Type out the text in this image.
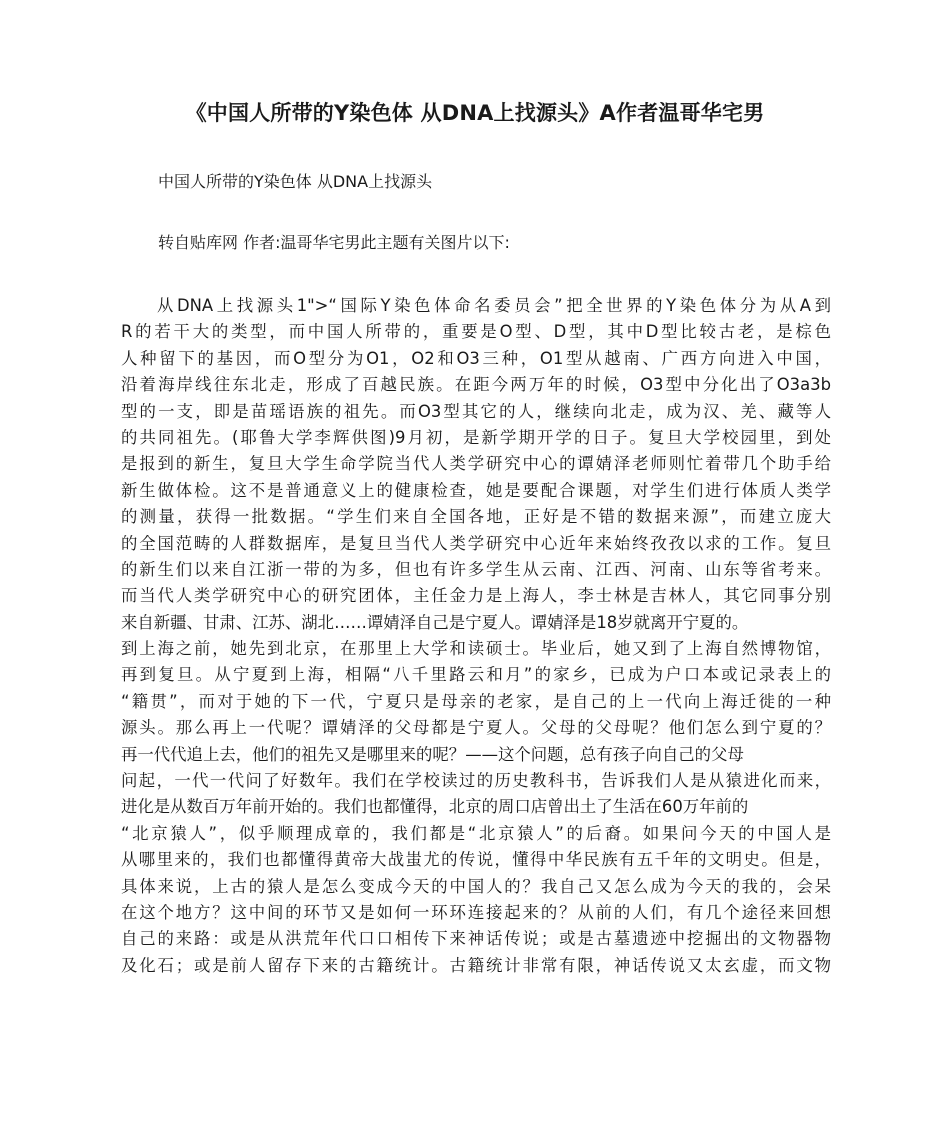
《中国人所带的Y染色体 从DNA上找源头》A作者温哥华宅男
中国人所带的Y染色体 从DNA上找源头
转自贴库网 作者:温哥华宅男此主题有关图片以下:
从DNA上找源头1">“国际Y染色体命名委员会”把全世界的Y染色体分为从A到
R的若干大的类型，而中国人所带的，重要是O型、D型，其中D型比较古老，是棕色
人种留下的基因，而O型分为O1，O2和O3三种，O1型从越南、广西方向进入中国，
沿着海岸线往东北走，形成了百越民族。在距今两万年的时候，O3型中分化出了O3a3b
型的一支，即是苗瑶语族的祖先。而O3型其它的人，继续向北走，成为汉、羌、藏等人
的共同祖先。(耶鲁大学李辉供图)9月初，是新学期开学的日子。复旦大学校园里，到处
是报到的新生，复旦大学生命学院当代人类学研究中心的谭婧泽老师则忙着带几个助手给
新生做体检。这不是普通意义上的健康检查，她是要配合课题，对学生们进行体质人类学
的测量，获得一批数据。“学生们来自全国各地，正好是不错的数据来源”，而建立庞大
的全国范畴的人群数据库，是复旦当代人类学研究中心近年来始终孜孜以求的工作。复旦
的新生们以来自江浙一带的为多，但也有许多学生从云南、江西、河南、山东等省考来。
而当代人类学研究中心的研究团体，主任金力是上海人，李士林是吉林人，其它同事分别
来自新疆、甘肃、江苏、湖北……谭婧泽自己是宁夏人。谭婧泽是18岁就离开宁夏的。
到上海之前，她先到北京，在那里上大学和读硕士。毕业后，她又到了上海自然博物馆，
再到复旦。从宁夏到上海，相隔“八千里路云和月”的家乡，已成为户口本或记录表上的
“籍贯”，而对于她的下一代，宁夏只是母亲的老家，是自己的上一代向上海迁徙的一种
源头。那么再上一代呢？谭婧泽的父母都是宁夏人。父母的父母呢？他们怎么到宁夏的？
再一代代追上去，他们的祖先又是哪里来的呢？——这个问题，总有孩子向自己的父母
问起，一代一代问了好数年。我们在学校读过的历史教科书，告诉我们人是从猿进化而来，
进化是从数百万年前开始的。我们也都懂得，北京的周口店曾出土了生活在60万年前的
“北京猿人”，似乎顺理成章的，我们都是“北京猿人”的后裔。如果问今天的中国人是
从哪里来的，我们也都懂得黄帝大战蚩尤的传说，懂得中华民族有五千年的文明史。但是，
具体来说，上古的猿人是怎么变成今天的中国人的？我自己又怎么成为今天的我的，会呆
在这个地方？这中间的环节又是如何一环环连接起来的？从前的人们，有几个途径来回想
自己的来路：或是从洪荒年代口口相传下来神话传说；或是古墓遗迹中挖掘出的文物器物
及化石；或是前人留存下来的古籍统计。古籍统计非常有限，神话传说又太玄虚，而文物
